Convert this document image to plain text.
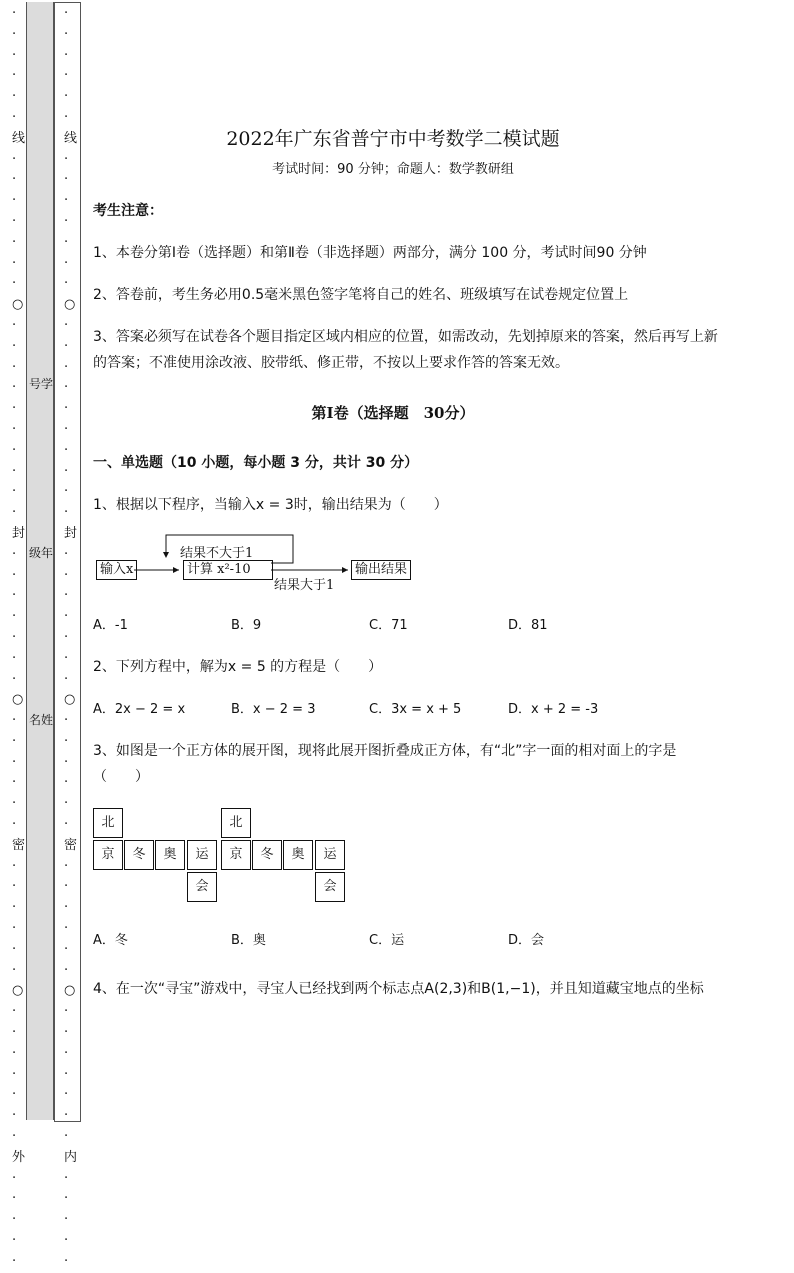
·
·
·
·
·
·
线
·
·
·
·
·
·
·
○
·
·
·
·
·
·
·
·
·
·
封
·
·
·
·
·
·
·
○
·
·
·
·
·
·
密
·
·
·
·
·
·
○
·
·
·
·
·
·
·
外
·
·
·
·
·
·
·
·
·
·
·
线
·
·
·
·
·
·
·
○
·
·
·
·
·
·
·
·
·
·
封
·
·
·
·
·
·
·
○
·
·
·
·
·
·
密
·
·
·
·
·
·
○
·
·
·
·
·
·
·
内
·
·
·
·
·
号学
级年
名姓
2022年广东省普宁市中考数学二模试题
考试时间：90 分钟；命题人：数学教研组
考生注意：
1、本卷分第Ⅰ卷（选择题）和第Ⅱ卷（非选择题）两部分，满分 100 分，考试时间90 分钟
2、答卷前，考生务必用0.5毫米黑色签字笔将自己的姓名、班级填写在试卷规定位置上
3、答案必须写在试卷各个题目指定区域内相应的位置，如需改动，先划掉原来的答案，然后再写上新
的答案；不准使用涂改液、胶带纸、修正带，不按以上要求作答的答案无效。
第Ⅰ卷（选择题　30分）
一、单选题（10 小题，每小题 3 分，共计 30 分）
1、根据以下程序，当输入x = 3时，输出结果为（　　）
A．-1	B．9	C．71	D．81
2、下列方程中，解为x = 5 的方程是（　　）
A．2x − 2 = x	B．x − 2 = 3	C．3x = x + 5	D．x + 2 = -3
3、如图是一个正方体的展开图，现将此展开图折叠成正方体，有“北”字一面的相对面上的字是
（　　）
A．冬	B．奥	C．运	D．会
4、在一次“寻宝”游戏中，寻宝人已经找到两个标志点A(2,3)和B(1,−1)，并且知道藏宝地点的坐标
输入x	计算 x²-10	输出结果
结果不大于1
结果大于1
北
京	冬	奥	运
会
北
京	冬	奥	运
会
